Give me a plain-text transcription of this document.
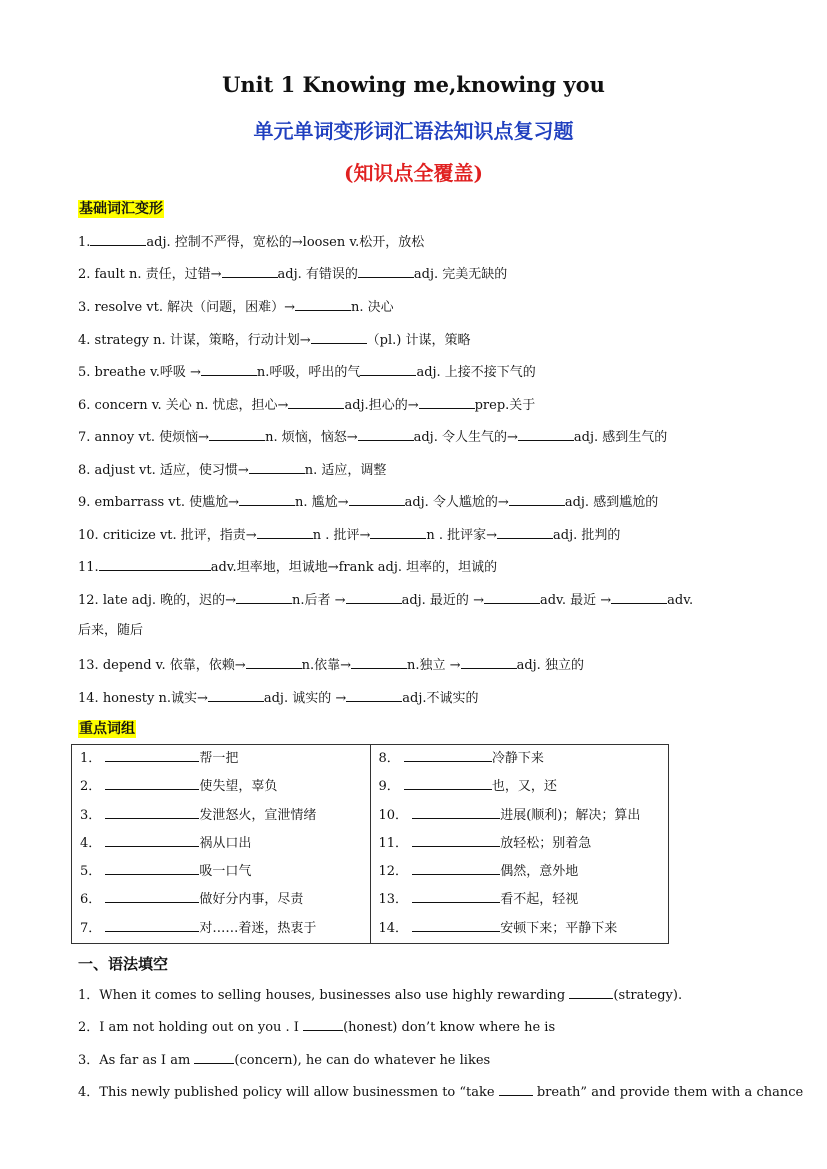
Unit 1 Knowing me,knowing you
单元单词变形词汇语法知识点复习题
(知识点全覆盖)
基础词汇变形
1.	adj. 控制不严得，宽松的→loosen v.松开，放松
2. fault n. 责任，过错→	adj. 有错误的	adj. 完美无缺的
3. resolve vt. 解决（问题，困难）→	n. 决心
4. strategy n. 计谋，策略，行动计划→	（pl.) 计谋，策略
5. breathe v.呼吸 →	n.呼吸，呼出的气	adj. 上接不接下气的
6. concern v. 关心 n. 忧虑，担心→	adj.担心的→	prep.关于
7. annoy vt. 使烦恼→	n. 烦恼，恼怒→	adj. 令人生气的→	adj. 感到生气的
8. adjust vt. 适应，使习惯→	n. 适应，调整
9. embarrass vt. 使尴尬→	n. 尴尬→	adj. 令人尴尬的→	adj. 感到尴尬的
10. criticize vt. 批评，指责→	n . 批评→	n . 批评家→	adj. 批判的
11.	adv.坦率地，坦诚地→frank adj. 坦率的，坦诚的
12. late adj. 晚的，迟的→	n.后者 →	adj. 最近的 →	adv. 最近 →	adv.
后来，随后
13. depend v. 依靠，依赖→	n.依靠→	n.独立 →	adj. 独立的
14. honesty n.诚实→	adj. 诚实的 →	adj.不诚实的
重点词组
1．	帮一把
2．	使失望，辜负
3．	发泄怒火，宣泄情绪
4．	祸从口出
5．	吸一口气
6．	做好分内事，尽责
7．	对……着迷，热衷于

8．	冷静下来
9．	也，又，还
10．	进展(顺利)；解决；算出
11．	放轻松；别着急
12．	偶然，意外地
13．	看不起，轻视
14．	安顿下来；平静下来
一、语法填空
1．When it comes to selling houses, businesses also use highly rewarding	(strategy).
2．I am not holding out on you . I	(honest) don’t know where he is
3．As far as I am	(concern), he can do whatever he likes
4．This newly published policy will allow businessmen to “take	breath” and provide them with a chance
